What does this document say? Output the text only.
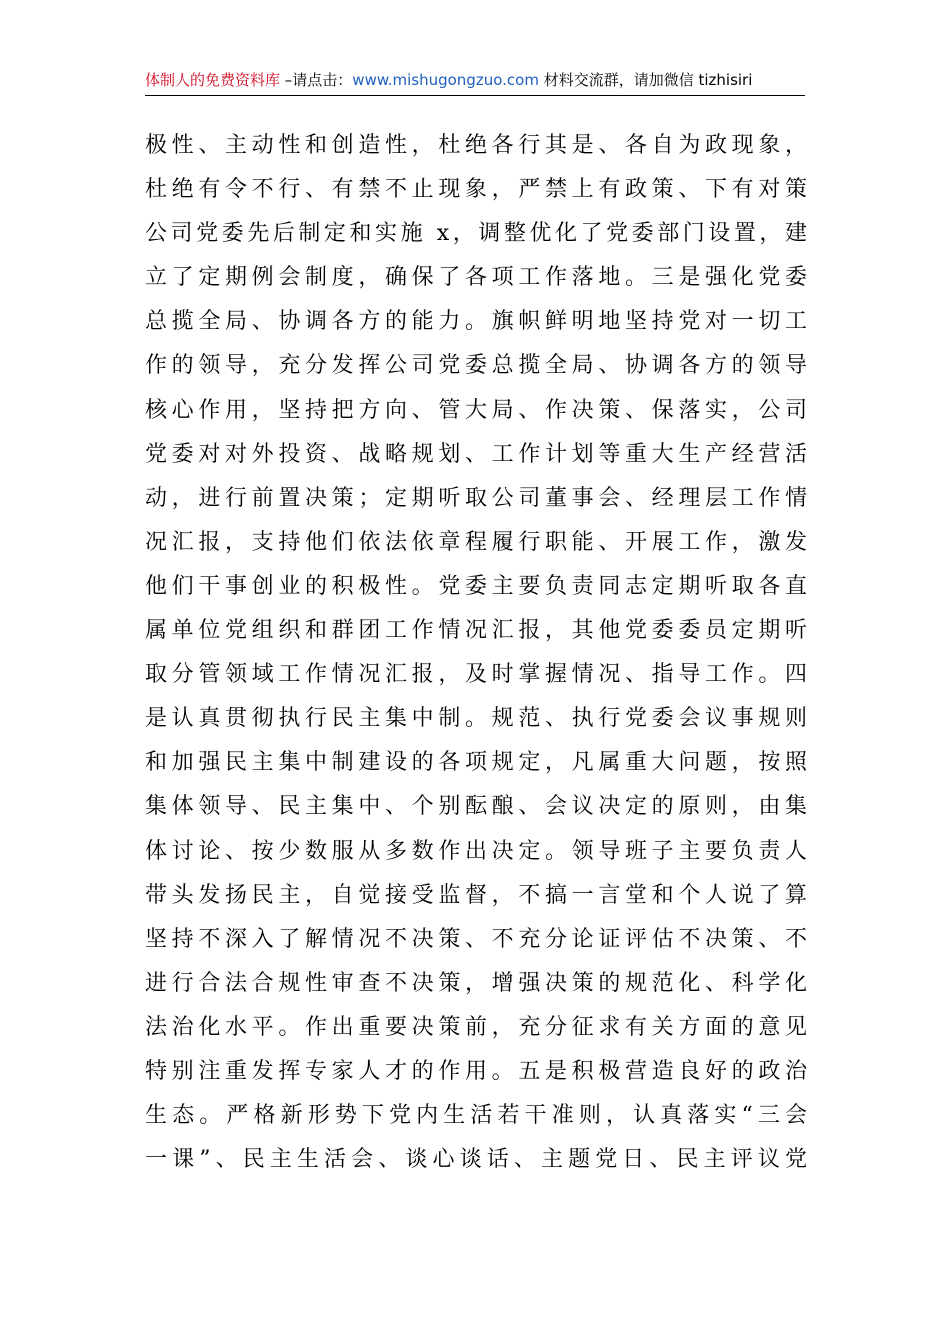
体制人的免费资料库 –请点击：www.mishugongzuo.com 材料交流群，请加微信 tizhisiri
极性、主动性和创造性，杜绝各行其是、各自为政现象，
杜绝有令不行、有禁不止现象，严禁上有政策、下有对策
公司党委先后制定和实施 x，调整优化了党委部门设置，建
立了定期例会制度，确保了各项工作落地。三是强化党委
总揽全局、协调各方的能力。旗帜鲜明地坚持党对一切工
作的领导，充分发挥公司党委总揽全局、协调各方的领导
核心作用，坚持把方向、管大局、作决策、保落实，公司
党委对对外投资、战略规划、工作计划等重大生产经营活
动，进行前置决策；定期听取公司董事会、经理层工作情
况汇报，支持他们依法依章程履行职能、开展工作，激发
他们干事创业的积极性。党委主要负责同志定期听取各直
属单位党组织和群团工作情况汇报，其他党委委员定期听
取分管领域工作情况汇报，及时掌握情况、指导工作。四
是认真贯彻执行民主集中制。规范、执行党委会议事规则
和加强民主集中制建设的各项规定，凡属重大问题，按照
集体领导、民主集中、个别酝酿、会议决定的原则，由集
体讨论、按少数服从多数作出决定。领导班子主要负责人
带头发扬民主，自觉接受监督，不搞一言堂和个人说了算
坚持不深入了解情况不决策、不充分论证评估不决策、不
进行合法合规性审查不决策，增强决策的规范化、科学化
法治化水平。作出重要决策前，充分征求有关方面的意见
特别注重发挥专家人才的作用。五是积极营造良好的政治
生态。严格新形势下党内生活若干准则，认真落实“三会
一课”、民主生活会、谈心谈话、主题党日、民主评议党
